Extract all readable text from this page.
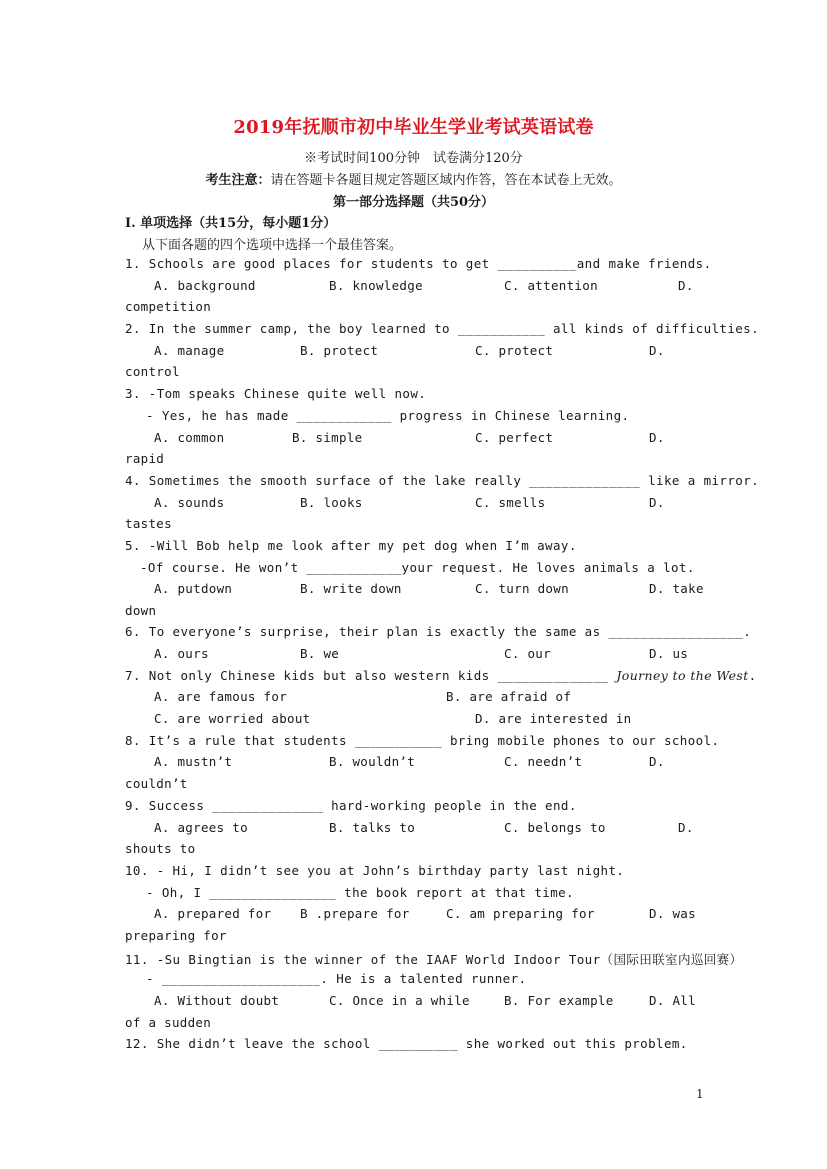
2019年抚顺市初中毕业生学业考试英语试卷
※考试时间100分钟　试卷满分120分
考生注意：请在答题卡各题目规定答题区域内作答，答在本试卷上无效。
第一部分选择题（共50分）
I. 单项选择（共15分，每小题1分）
从下面各题的四个选项中选择一个最佳答案。
1. Schools are good places for students to get __________and make friends.
A. background	B. knowledge	C. attention	D.
competition
2. In the summer camp, the boy learned to ___________ all kinds of difficulties.
A. manage	B. protect	C. protect	D.
control
3. -Tom speaks Chinese quite well now.
- Yes, he has made ____________ progress in Chinese learning.
A. common	B. simple	C. perfect	D.
rapid
4. Sometimes the smooth surface of the lake really ______________ like a mirror.
A. sounds	B. looks	C. smells	D.
tastes
5. -Will Bob help me look after my pet dog when I’m away.
-Of course. He won’t ____________your request. He loves animals a lot.
A. putdown	B. write down	C. turn down	D. take
down
6. To everyone’s surprise, their plan is exactly the same as _________________.
A. ours	B. we	C. our	D. us
7. Not only Chinese kids but also western kids ______________ Journey to the West.
A. are famous for	B. are afraid of
C. are worried about	D. are interested in
8. It’s a rule that students ___________ bring mobile phones to our school.
A. mustn’t	B. wouldn’t	C. needn’t	D.
couldn’t
9. Success ______________ hard-working people in the end.
A. agrees to	B. talks to	C. belongs to	D.
shouts to
10. - Hi, I didn’t see you at John’s birthday party last night.
- Oh, I ________________ the book report at that time.
A. prepared for B .prepare for	C. am preparing for	D. was
preparing for
11. -Su Bingtian is the winner of the IAAF World Indoor Tour（国际田联室内巡回赛）
- ____________________. He is a talented runner.
A. Without doubt	C. Once in a while	B. For example	D. All
of a sudden
12. She didn’t leave the school __________ she worked out this problem.
1
